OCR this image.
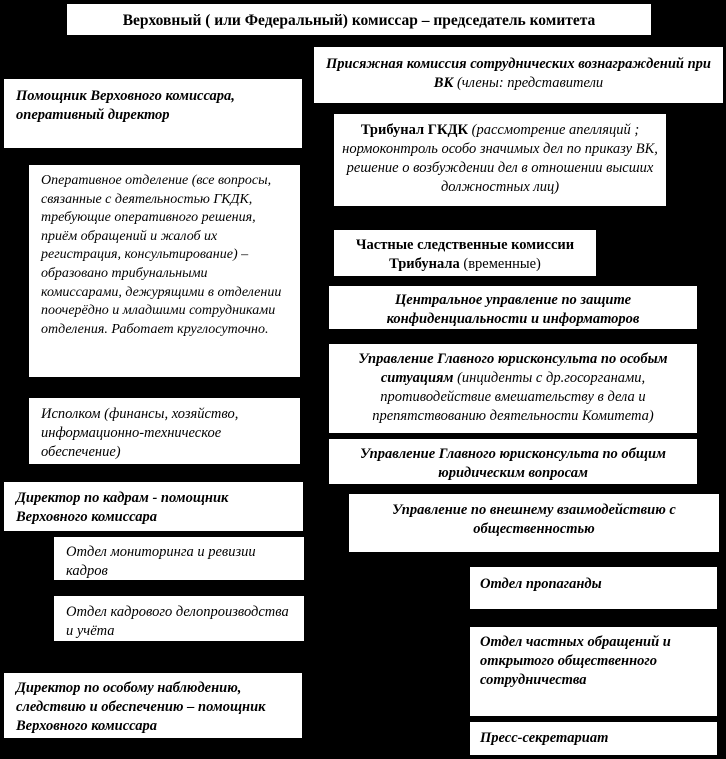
Верховный ( или Федеральный) комиссар – председатель комитета
Помощник Верховного комиссара, оперативный директор
Оперативное отделение (все вопросы, связанные с деятельностью ГКДК, требующие оперативного решения, приём обращений и жалоб их регистрация, консультирование) – образовано трибунальными комиссарами, дежурящими в отделении поочерёдно и младшими сотрудниками отделения. Работает круглосуточно.
Исполком (финансы, хозяйство, информационно-техническое обеспечение)
Директор по кадрам - помощник Верховного комиссара
Отдел мониторинга и ревизии кадров
Отдел кадрового делопроизводства и учёта
Директор по особому наблюдению, следствию и обеспечению – помощник Верховного комиссара
Присяжная комиссия сотруднических вознаграждений при ВК (члены: представители
Трибунал ГКДК (рассмотрение апелляций ; нормоконтроль особо значимых дел по приказу ВК, решение о возбуждении дел в отношении высших должностных лиц)
Частные следственные комиссии Трибунала (временные)
Центральное управление по защите конфиденциальности и информаторов
Управление Главного юрисконсульта по особым ситуациям (инциденты с др.госорганами, противодействие вмешательству в дела и препятствованию деятельности Комитета)
Управление Главного юрисконсульта по общим юридическим вопросам
Управление по внешнему взаимодействию с общественностью
Отдел пропаганды
Отдел частных обращений и открытого общественного сотрудничества
Пресс-секретариат
